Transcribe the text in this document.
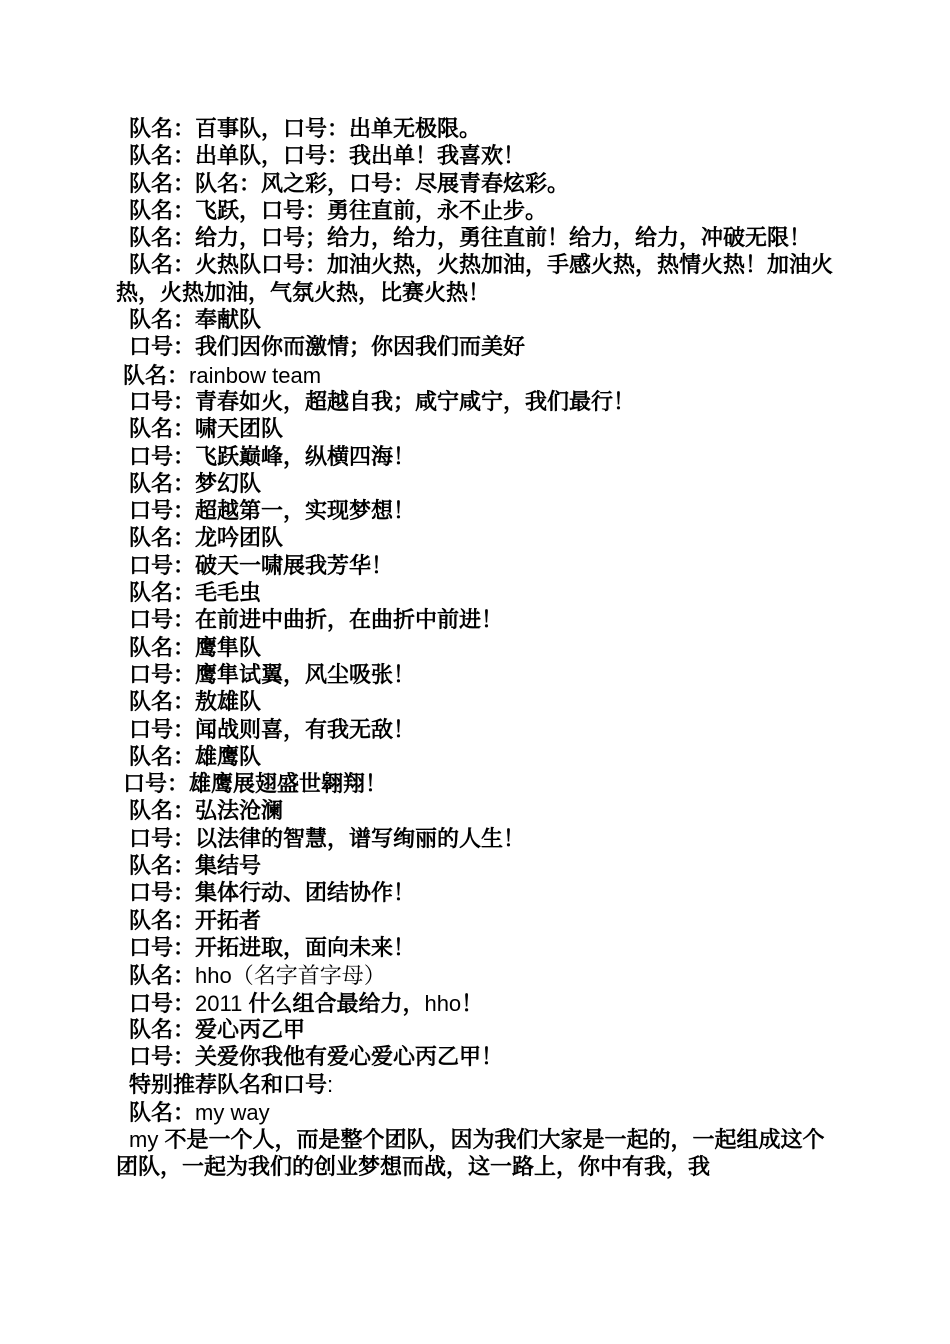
队名：百事队，口号：出单无极限。
队名：出单队，口号：我出单！我喜欢！
队名：队名：风之彩，口号：尽展青春炫彩。
队名：飞跃，口号：勇往直前，永不止步。
队名：给力，口号；给力，给力，勇往直前！给力，给力，冲破无限！
队名：火热队口号：加油火热，火热加油，手感火热，热情火热！加油火热，火热加油，气氛火热，比赛火热！
队名：奉献队
口号：我们因你而激情；你因我们而美好
队名：rainbow team
口号：青春如火，超越自我；咸宁咸宁，我们最行！
队名：啸天团队
口号：飞跃巅峰，纵横四海！
队名：梦幻队
口号：超越第一，实现梦想！
队名：龙吟团队
口号：破天一啸展我芳华！
队名：毛毛虫
口号：在前进中曲折，在曲折中前进！
队名：鹰隼队
口号：鹰隼试翼，风尘吸张！
队名：敖雄队
口号：闻战则喜，有我无敌！
队名：雄鹰队
口号：雄鹰展翅盛世翱翔！
队名：弘法沧澜
口号：以法律的智慧，谱写绚丽的人生！
队名：集结号
口号：集体行动、团结协作！
队名：开拓者
口号：开拓进取，面向未来！
队名：hho（名字首字母）
口号：2011 什么组合最给力，hho！
队名：爱心丙乙甲
口号：关爱你我他有爱心爱心丙乙甲！
特别推荐队名和口号:
队名：my way
my 不是一个人，而是整个团队，因为我们大家是一起的，一起组成这个团队，一起为我们的创业梦想而战，这一路上，你中有我，我
